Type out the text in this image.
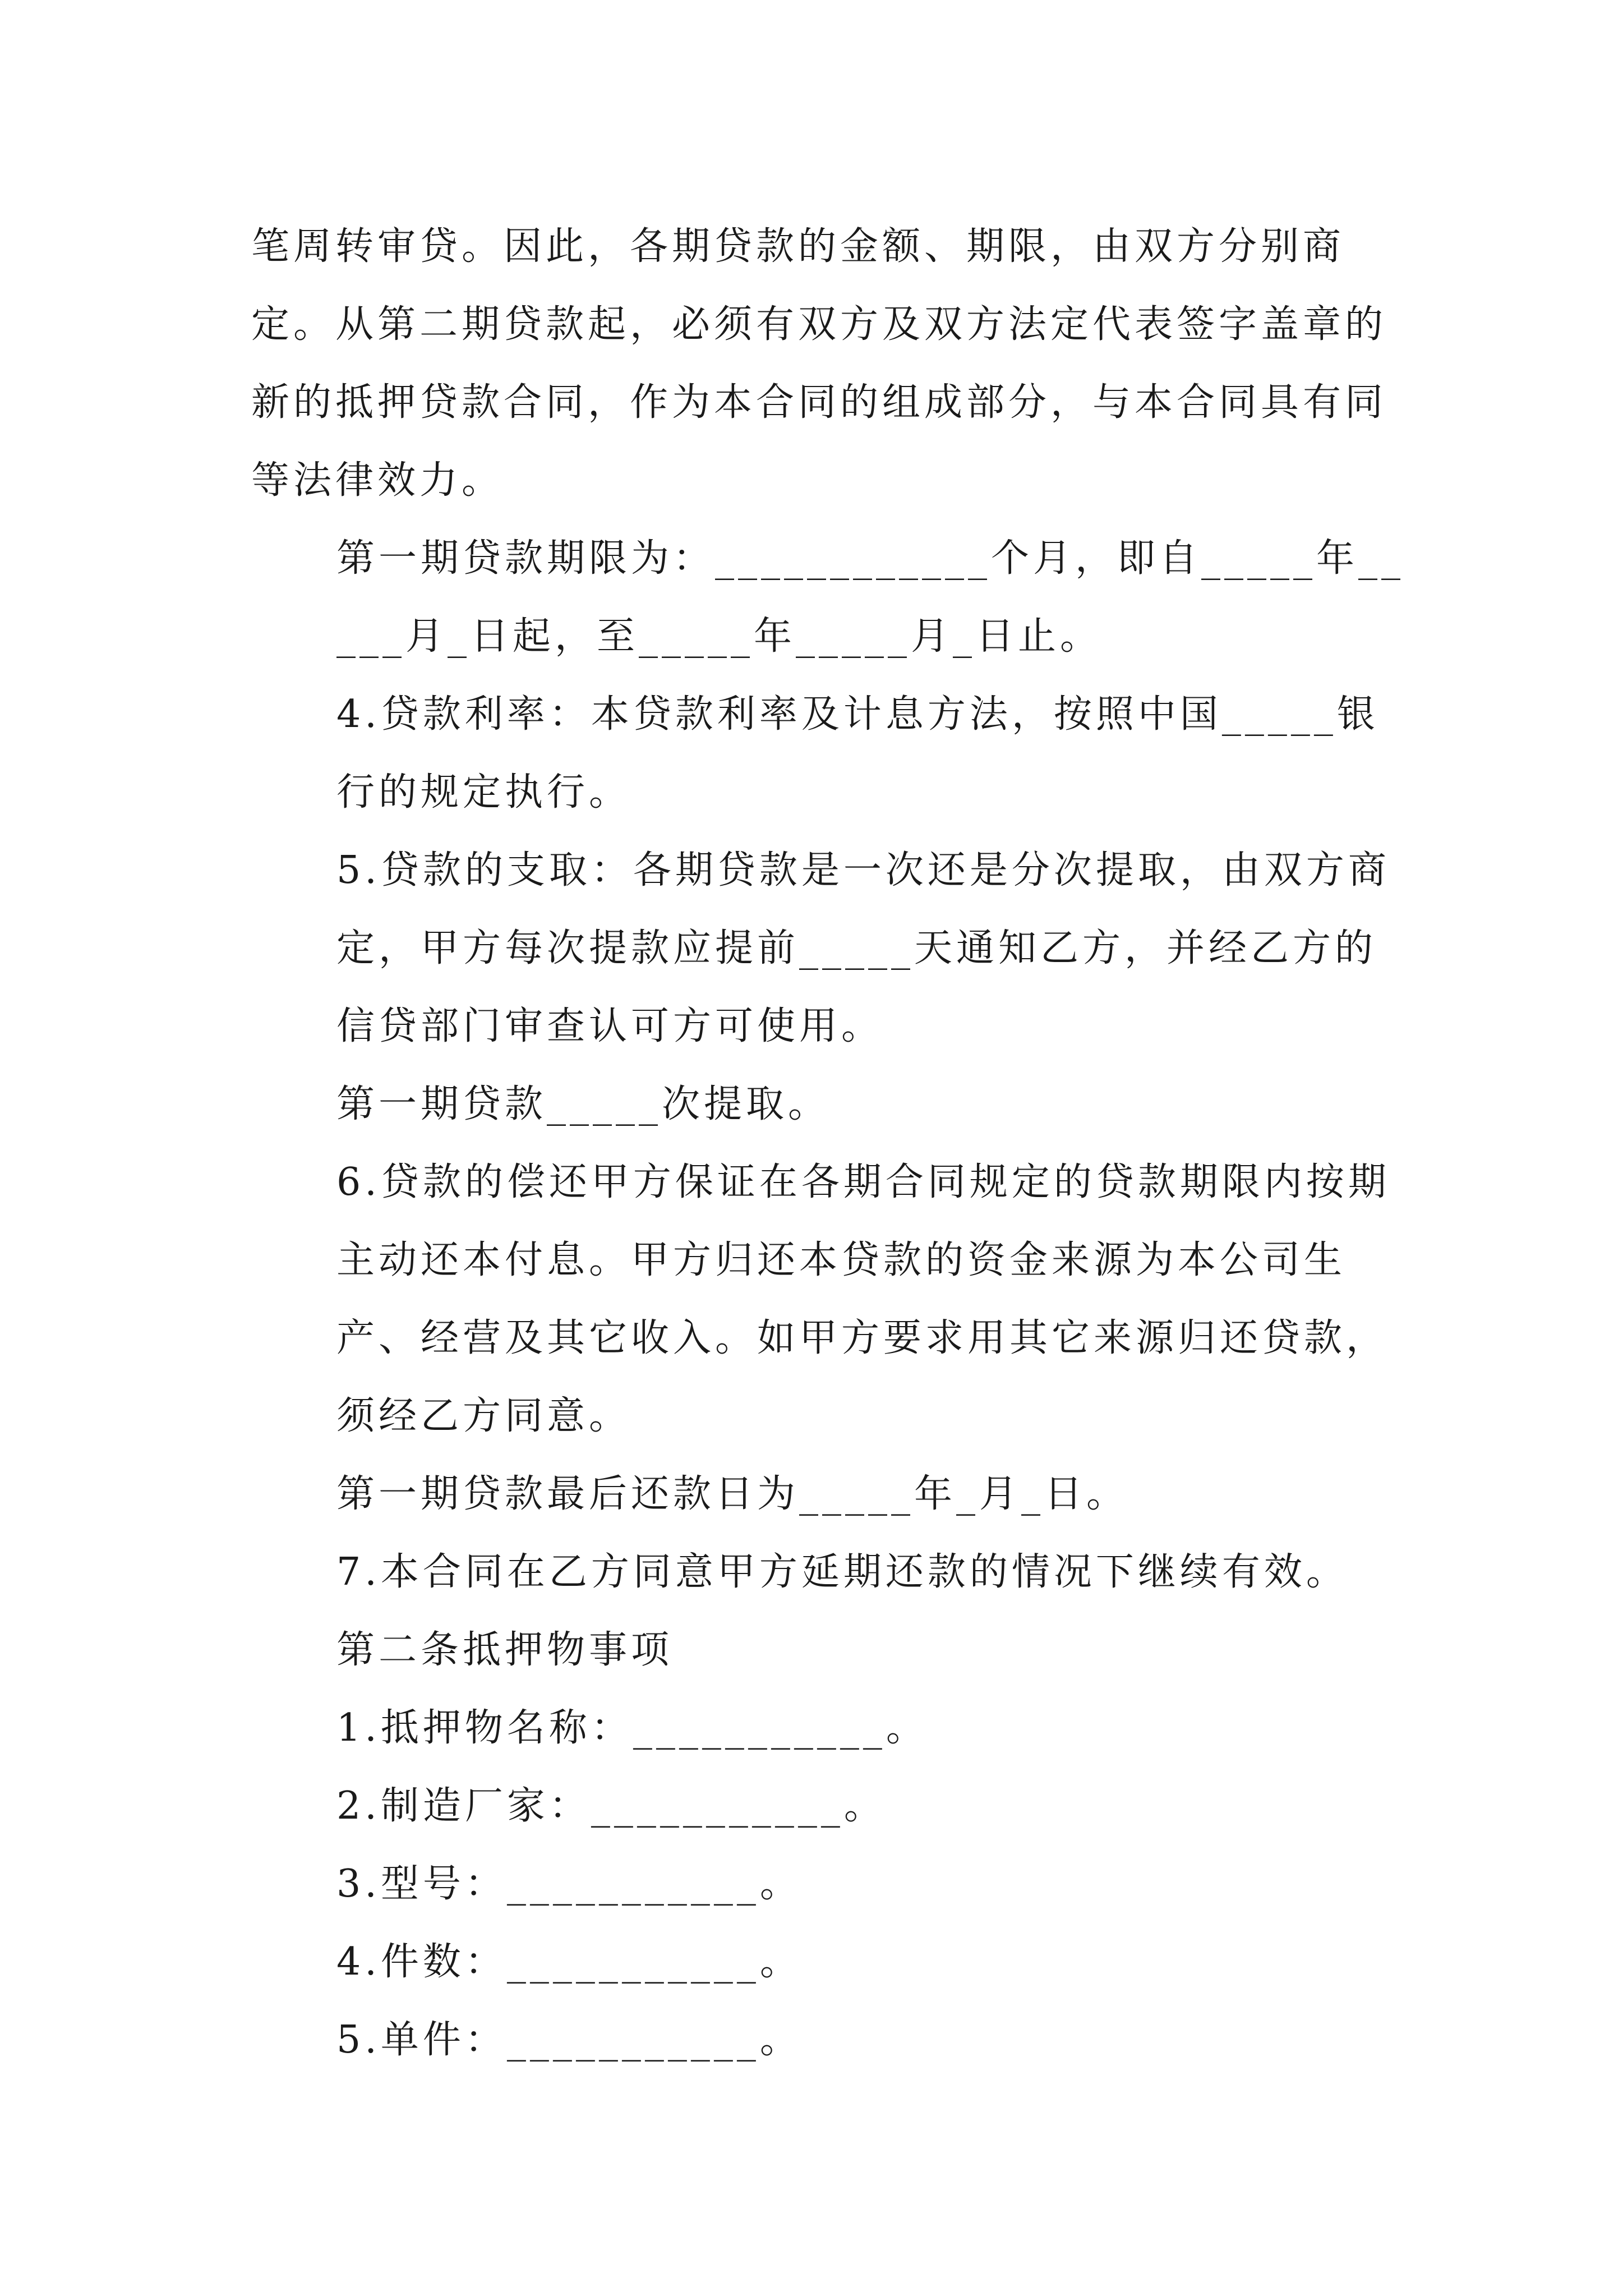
笔周转审贷。因此，各期贷款的金额、期限，由双方分别商定。从第二期贷款起，必须有双方及双方法定代表签字盖章的新的抵押贷款合同，作为本合同的组成部分，与本合同具有同等法律效力。

第一期贷款期限为：____________个月，即自_____年_____月_日起，至_____年_____月_日止。

4.贷款利率：本贷款利率及计息方法，按照中国_____银行的规定执行。

5.贷款的支取：各期贷款是一次还是分次提取，由双方商定，甲方每次提款应提前_____天通知乙方，并经乙方的信贷部门审查认可方可使用。

第一期贷款_____次提取。

6.贷款的偿还甲方保证在各期合同规定的贷款期限内按期主动还本付息。甲方归还本贷款的资金来源为本公司生产、经营及其它收入。如甲方要求用其它来源归还贷款，须经乙方同意。

第一期贷款最后还款日为_____年_月_日。

7.本合同在乙方同意甲方延期还款的情况下继续有效。

第二条抵押物事项

1.抵押物名称：___________。

2.制造厂家：___________。

3.型号：___________。

4.件数：___________。

5.单件：___________。
